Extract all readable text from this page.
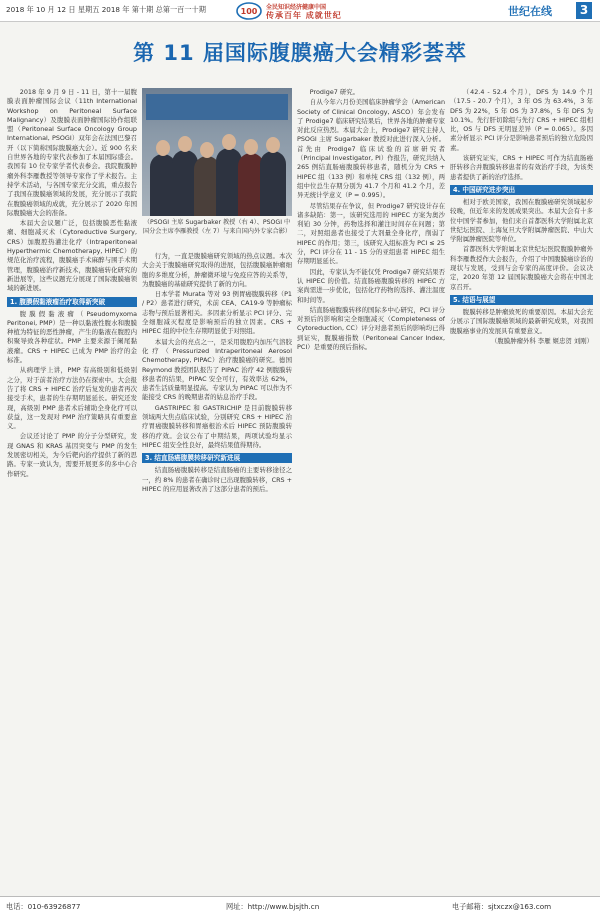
2018 年 10 月 12 日 星期五 2018 年 第十期 总第一百一十期	100 全民知识经济健康中国
传承百年 成就世纪	世纪在线	3
第 11 届国际腹膜癌大会精彩荟萃

2018 年 9 月 9 日 - 11 日，第十一届腹膜表面肿瘤国际会议（11th International Workshop on Peritoneal Surface Malignancy）及腹膜表面肿瘤国际协作组联盟（Peritoneal Surface Oncology Group International, PSOGI）双年会在法国巴黎召开（以下简称国际腹膜癌大会）。近 900 名来自世界各地的专家代表参加了本届国际盛会。我国有 10 位专家学者代表参会。我院腹膜肿瘤外科李雁教授等领导专家作了学术报告。主持学术活动，与各国专家充分交流，重点报告了我国在腹膜癌领域的发展，充分展示了我院在腹膜癌领域的成就，充分展示了 2020 年国际腹膜癌大会的准备。

本届大会议题广泛，包括腹膜恶性黏液瘤、细胞减灭术（Cytoreductive Surgery, CRS）加腹腔热灌注化疗（Intraperitoneal Hyperthermic Chemotherapy, HIPEC）的规范化治疗流程，腹膜癌手术麻醉与围手术期管理，腹膜癌治疗新技术，腹膜癌转化研究的新进展等，这些议题充分展现了国际腹膜癌领域的新进展。

1. 腹膜假黏液瘤治疗取得新突破

腹膜假黏液瘤（Pseudomyxoma Peritonei, PMP）是一种以黏液性腹水和腹膜种植为特征的恶性肿瘤，产生的黏液在腹腔内积聚导致各种症状。PMP 主要来源于阑尾黏液瘤。CRS + HIPEC 已成为 PMP 治疗的金标准。

从病理学上讲，PMP 有高级别和低级别之分，对于前者治疗方法仍在探索中。大会报告了将 CRS + HIPEC 治疗后复发的患者再次接受手术，患者的生存期明显延长。研究还发现，高级别 PMP 患者术后辅助全身化疗可以获益，这一发现对 PMP 治疗策略具有重要意义。

会议还讨论了 PMP 的分子分型研究，发现 GNAS 和 KRAS 基因突变与 PMP 的发生发展密切相关，为今后靶向治疗提供了新的思路。专家一致认为，需要开展更多的多中心合作研究。

（PSOGI 主席 Sugarbaker 教授（右 4）、PSOGI 中国分会主席李雁教授（左 7）与来自国内外专家合影）

行为，一直是腹膜癌研究领域的热点议题。本次大会关于腹膜癌研究取得的进展，包括腹膜癌肿瘤细胞的多维度分析，肿瘤微环境与免疫应答的关系等，为腹膜癌的基础研究提供了新的方向。

日本学者 Murata 等对 93 例胃癌腹膜转移（P1 / P2）患者进行研究，术前 CEA、CA19-9 等肿瘤标志物与预后显著相关。多因素分析显示 PCI 评分、完全细胞减灭程度是影响预后的独立因素。CRS + HIPEC 组的中位生存期明显优于对照组。

本届大会的亮点之一，是采用腹腔内加压气溶胶化疗（Pressurized Intraperitoneal Aerosol Chemotherapy, PIPAC）治疗腹膜癌的研究。德国 Reymond 教授团队报告了 PIPAC 治疗 42 例腹膜转移患者的结果，PIPAC 安全可行，有效率达 62%，患者生活质量明显提高。专家认为 PIPAC 可以作为不能接受 CRS 的晚期患者的姑息治疗手段。

GASTRIPEC 和 GASTRICHIP 是目前腹膜转移领域两大焦点临床试验，分别研究 CRS + HIPEC 治疗胃癌腹膜转移和胃癌根治术后 HIPEC 预防腹膜转移的疗效。会议公布了中期结果，两项试验均显示 HIPEC 组安全性良好，最终结果值得期待。

3. 结直肠癌腹膜转移研究新进展

结直肠癌腹膜转移是结直肠癌的主要转移途径之一，约 8% 的患者在确诊时已出现腹膜转移，CRS + HIPEC 的应用显著改善了这部分患者的预后。

Prodige7 研究。

自从今年六月份美国临床肿瘤学会（American Society of Clinical Oncology, ASCO）年会发布了 Prodige7 临床研究结果后，世界各地的肿瘤专家对此反应热烈。本届大会上，Prodige7 研究主持人 PSOGI 主席 Sugarbaker 教授对此进行深入分析。首先由 Prodige7 临床试验的首席研究者（Principal Investigator, PI）作报告，研究共纳入 265 例结直肠癌腹膜转移患者，随机分为 CRS + HIPEC 组（133 例）和单纯 CRS 组（132 例），两组中位总生存期分别为 41.7 个月和 41.2 个月，差异无统计学意义（P = 0.995）。

尽管结果存在争议，但 Prodige7 研究设计存在诸多缺陷：第一，该研究选用的 HIPEC 方案为奥沙利铂 30 分钟，药物选择和灌注时间存在问题；第二，对照组患者也接受了大剂量全身化疗，削弱了 HIPEC 的作用；第三，该研究入组标准为 PCI ≤ 25 分，PCI 评分在 11 - 15 分的亚组患者 HIPEC 组生存期明显延长。

因此，专家认为不能仅凭 Prodige7 研究结果否认 HIPEC 的价值。结直肠癌腹膜转移的 HIPEC 方案尚需进一步优化，包括化疗药物的选择、灌注温度和时间等。

结直肠癌腹膜转移的国际多中心研究，PCI 评分对预后的影响和完全细胞减灭（Completeness of Cytoreduction, CC）评分对患者预后的影响均已得到证实，腹膜癌指数（Peritoneal Cancer Index, PCI）是重要的预后指标。

（42.4 - 52.4 个月），DFS 为 14.9 个月（17.5 - 20.7 个月），3 年 OS 为 63.4%，3 年 DFS 为 22%，5 年 OS 为 37.8%，5 年 DFS 为 10.1%。先行肝切除组与先行 CRS + HIPEC 组相比，OS 与 DFS 无明显差异（P = 0.065）。多因素分析显示 PCI 评分是影响患者预后的独立危险因素。

该研究证实，CRS + HIPEC 可作为结直肠癌肝转移合并腹膜转移患者的有效治疗手段，为该类患者提供了新的治疗选择。

4. 中国研究进步突出

相对于欧美国家，我国在腹膜癌研究领域起步较晚，但近年来的发展成果突出。本届大会有十多位中国学者参加，他们来自首都医科大学附属北京世纪坛医院、上海复旦大学附属肿瘤医院、中山大学附属肿瘤医院等单位。

首都医科大学附属北京世纪坛医院腹膜肿瘤外科李雁教授作大会报告，介绍了中国腹膜癌诊治的现状与发展，受到与会专家的高度评价。会议决定，2020 年第 12 届国际腹膜癌大会将在中国北京召开。

5. 结语与展望

腹膜转移是肿瘤致死的重要原因。本届大会充分展示了国际腹膜癌领域的最新研究成果，对我国腹膜癌事业的发展具有重要意义。

（腹膜肿瘤外科 李雁 姬忠贺 刘刚）

电话：010-63926877	网址：http://www.bjsjth.cn	电子邮箱：sjtxczx@163.com
